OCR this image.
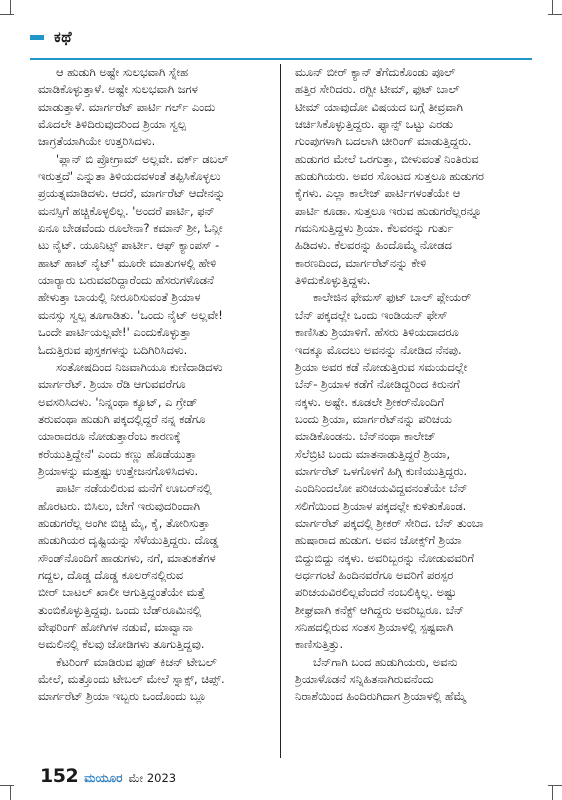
ಕಥೆ

ಆ ಹುಡುಗಿ ಅಷ್ಟೇ ಸುಲಭವಾಗಿ ಸ್ನೇಹ
ಮಾಡಿಕೊಳ್ಳುತ್ತಾಳೆ. ಅಷ್ಟೇ ಸುಲಭವಾಗಿ ಜಗಳ
ಮಾಡುತ್ತಾಳೆ. ಮಾರ್ಗರೆಟ್ ಪಾರ್ಟಿ ಗರ್ಲ್ ಎಂದು
ಮೊದಲೇ ತಿಳಿದಿರುವುದರಿಂದ ಶ್ರಿಯಾ ಸ್ವಲ್ಪ
ಜಾಗ್ರತೆಯಾಗಿಯೇ ಉತ್ತರಿಸಿದಳು.

'ಪ್ಲಾನ್ ಬಿ ಪ್ರೋಗ್ರಾಮ್ ಅಲ್ಲವೇ. ವರ್ಕ್ ಡಬಲ್
ಇರುತ್ತದೆ' ಎನ್ನುತಾ ತಿಳಿಯದವಳಂತೆ ತಪ್ಪಿಸಿಕೊಳ್ಳಲು
ಪ್ರಯತ್ನಮಾಡಿದಳು. ಆದರೆ, ಮಾರ್ಗರೆಟ್ ಆದೇನನ್ನು
ಮನಸ್ಸಿಗೆ ಹಚ್ಚಿಕೊಳ್ಳಲಿಲ್ಲ. 'ಅಂದರೆ ಪಾರ್ಟಿ, ಫನ್
ಏನೂ ಬೇಡವೆಂದು ರೂಲೇನಾ? ಕಮಾನ್ ಶ್ರೀ, ಓನ್ಲೀ
ಟು ನೈಟ್. ಯೂನಿಟ್ಸ್ ಪಾರ್ಟೀ. ಆಫ್ ಕ್ಯಾಂಪಸ್ -
ಹಾಟ್ ಹಾಟ್ ನೈಟ್' ಮೂರೇ ಮಾತುಗಳಲ್ಲಿ ಹೇಳಿ
ಯಾರ್‍ಯಾರು ಬರುವವರಿದ್ದಾರೆಂದು ಹೆಸರುಗಳೊಡನೆ
ಹೇಳುತ್ತಾ ಬಾಯಲ್ಲಿ ನೀರೂರಿಸುವಂತೆ ಶ್ರಿಯಾಳ
ಮನಸ್ಸು ಸ್ವಲ್ಪ ತೂಗಾಡಿತು. 'ಒಂದು ನೈಟ್ ಅಲ್ಲವೇ!
ಒಂದೇ ಪಾರ್ಟಿಯಲ್ಲವೇ!' ಎಂದುಕೊಳ್ಳುತ್ತಾ
ಓದುತ್ತಿರುವ ಪುಸ್ತಕಗಳನ್ನು ಬದಿಗಿರಿಸಿದಳು.

ಸಂತೋಷದಿಂದ ನಿಜವಾಗಿಯೂ ಕುಣಿದಾಡಿದಳು
ಮಾರ್ಗರೆಟ್. ಶ್ರಿಯಾ ರೆಡಿ ಆಗುವವರೆಗೂ
ಅವಸರಿಸಿದಳು. 'ನಿನ್ನಂಥಾ ಕ್ಯೂಟ್, ಎ ಗ್ರೇಡ್
ತರುವಂಥಾ ಹುಡುಗಿ ಪಕ್ಕದಲ್ಲಿದ್ದರೆ ನನ್ನ ಕಡೆಗೂ
ಯಾರಾದರೂ ನೋಡುತ್ತಾರೆಂಬ ಕಾರಣಕ್ಕೆ
ಕರೆಯುತ್ತಿದ್ದೇನೆ' ಎಂದು ಕಣ್ಣು ಹೊಡೆಯುತ್ತಾ
ಶ್ರಿಯಾಳನ್ನು ಮತ್ತಷ್ಟು ಉತ್ತೇಜನಗೊಳಿಸಿದಳು.

ಪಾರ್ಟಿ ನಡೆಯಲಿರುವ ಮನೆಗೆ ಊಬರ್‌ನಲ್ಲಿ
ಹೊರಟರು. ಬಿಸಿಲು, ಬೇಗೆ ಇರುವುದರಿಂದಾಗಿ
ಹುಡುಗರೆಲ್ಲ ಅಂಗೀ ಬಿಚ್ಚಿ ಮೈ, ಕೈ, ತೋರಿಸುತ್ತಾ
ಹುಡುಗಿಯರ ದೃಷ್ಟಿಯನ್ನು ಸೆಳೆಯುತ್ತಿದ್ದರು. ದೊಡ್ಡ
ಸೌಂಡ್‌ನೊಂದಿಗೆ ಹಾಡುಗಳು, ನಗೆ, ಮಾತುಕತೆಗಳ
ಗದ್ದಲ, ದೊಡ್ಡ ದೊಡ್ಡ ಕೂಲರ್‌ನಲ್ಲಿರುವ
ಬೀರ್ ಬಾಟಲ್ ಖಾಲೀ ಆಗುತ್ತಿದ್ದಂತೆಯೇ ಮತ್ತೆ
ತುಂಬಿಕೊಳ್ಳುತ್ತಿದ್ದವು. ಒಂದು ಬೆಡ್‌ರೂಮಿನಲ್ಲಿ
ವೇಫರಿಂಗ್ ಹೋಗಿಗಳ ನಡುವೆ, ಮಾವ್ವಾನಾ
ಅಮಲಿನಲ್ಲಿ ಕೆಲವು ಜೋಡಿಗಳು ತೂಗುತ್ತಿದ್ದವು.

ಕೆಟರಿಂಗ್ ಮಾಡಿರುವ ಫುಡ್ ಕಿಚನ್ ಟೇಬಲ್
ಮೇಲೆ, ಮತ್ತೊಂದು ಟೇಬಲ್ ಮೇಲೆ ಸ್ನಾಕ್ಸ್, ಚಿಪ್ಸ್.
ಮಾರ್ಗರೆಟ್ ಶ್ರಿಯಾ ಇಬ್ಬರು ಒಂದೊಂದು ಬ್ಲೂ

ಮೂನ್ ಬೀರ್ ಕ್ಯಾನ್ ತೆಗೆದುಕೊಂಡು ಪೂಲ್
ಹತ್ತಿರ ಸೇರಿದರು. ರಗ್ಬೀ ಟೀಮ್, ಫುಟ್ ಬಾಲ್
ಟೀಮ್ ಯಾವುದೋ ವಿಷಯದ ಬಗ್ಗೆ ತೀವ್ರವಾಗಿ
ಚರ್ಚಿಸಿಕೊಳ್ಳುತ್ತಿದ್ದರು. ಫ್ಯಾನ್ಸ್ ಒಟ್ಟು ಎರಡು
ಗುಂಪುಗಳಾಗಿ ಬದಲಾಗಿ ಚೀರಿಂಗ್ ಮಾಡುತ್ತಿದ್ದರು.
ಹುಡುಗರ ಮೇಲೆ ಒರಗುತ್ತಾ, ಬೀಳುವಂತೆ ನಿಂತಿರುವ
ಹುಡುಗಿಯರು. ಅವರ ಸೊಂಟದ ಸುತ್ತಲೂ ಹುಡುಗರ
ಕೈಗಳು. ಎಲ್ಲಾ ಕಾಲೇಜ್ ಪಾರ್ಟಿಗಳಂತೆಯೇ ಆ
ಪಾರ್ಟಿ ಕೂಡಾ. ಸುತ್ತಲೂ ಇರುವ ಹುಡುಗರೆಲ್ಲರನ್ನೂ
ಗಮನಿಸುತ್ತಿದ್ದಳು ಶ್ರಿಯಾ. ಕೆಲವರನ್ನು ಗುರ್ತು
ಹಿಡಿದಳು. ಕೆಲವರನ್ನು ಹಿಂದೊಮ್ಮೆ ನೋಡದ
ಕಾರಣದಿಂದ, ಮಾರ್ಗರೆಟ್‌ನನ್ನು ಕೇಳಿ
ತಿಳಿದುಕೊಳ್ಳುತ್ತಿದ್ದಳು.

ಕಾಲೇಜಿನ ಫೇಮಸ್ ಫುಟ್ ಬಾಲ್ ಪ್ಲೇಯರ್
ಬೆನ್ ಪಕ್ಕದಲ್ಲೇ ಒಂದು ಇಂಡಿಯನ್ ಫೇಸ್
ಕಾಣಿಸಿತು ಶ್ರಿಯಾಳಿಗೆ. ಹೆಸರು ತಿಳಿಯದಾದರೂ
ಇದಕ್ಕೂ ಮೊದಲು ಅವನನ್ನು ನೋಡಿದ ನೆನಪು.
ಶ್ರಿಯಾ ಅವರ ಕಡೆ ನೋಡುತ್ತಿರುವ ಸಮಯದಲ್ಲೇ
ಬೆನ್- ಶ್ರಿಯಾಳ ಕಡೆಗೆ ನೋಡಿದ್ದರಿಂದ ಕಿರುನಗೆ
ನಕ್ಕಳು. ಅಷ್ಟೇ. ಕೂಡಲೇ ಶ್ರೀಕರ್‌ನೊಂದಿಗೆ
ಬಂದು ಶ್ರಿಯಾ, ಮಾರ್ಗರೆಟ್‌ನನ್ನು ಪರಿಚಯ
ಮಾಡಿಕೊಂಡನು. ಬೆನ್‌ನಂಥಾ ಕಾಲೇಜ್
ಸೆಲೆಬ್ರಿಟಿ ಬಂದು ಮಾತನಾಡುತ್ತಿದ್ದರೆ ಶ್ರಿಯಾ,
ಮಾರ್ಗರೆಟ್ ಒಳಗೊಳಗೆ ಹಿಗ್ಗಿ ಕುಣಿಯುತ್ತಿದ್ದರು.
ಎಂದಿನಿಂದಲೋ ಪರಿಚಯವಿದ್ದವನಂತೆಯೇ ಬೆನ್
ಸಲಿಗೆಯಿಂದ ಶ್ರಿಯಾಳ ಪಕ್ಕದಲ್ಲೇ ಕುಳಿತುಕೊಂಡ.
ಮಾರ್ಗರೆಟ್ ಪಕ್ಕದಲ್ಲಿ ಶ್ರೀಕರ್ ಸೇರಿದ. ಬೆನ್ ತುಂಬಾ
ಹುಷಾರಾದ ಹುಡುಗ. ಅವನ ಜೋಕ್ಸ್‌ಗೆ ಶ್ರಿಯಾ
ಬಿದ್ದುಬಿದ್ದು ನಕ್ಕಳು. ಅವರಿಬ್ಬರನ್ನು ನೋಡುವವರಿಗೆ
ಅರ್ಧಗಂಟೆ ಹಿಂದಿನವರೆಗೂ ಅವರಿಗೆ ಪರಸ್ಪರ
ಪರಿಚಯವಿರಲಿಲ್ಲವೆಂದರೆ ನಂಬಲಿಕ್ಕಿಲ್ಲ. ಅಷ್ಟು
ಶೀಘ್ರವಾಗಿ ಕನೆಕ್ಟ್ ಆಗಿದ್ದರು ಅವರಿಬ್ಬರೂ. ಬೆನ್
ಸನಿಹದಲ್ಲಿರುವ ಸಂತಸ ಶ್ರಿಯಾಳಲ್ಲಿ ಸ್ಪಷ್ಟವಾಗಿ
ಕಾಣಿಸುತ್ತಿತ್ತು.

ಬೆನ್‌ಗಾಗಿ ಬಂದ ಹುಡುಗಿಯರು, ಅವನು
ಶ್ರಿಯಾಳೊಡನೆ ಸನ್ನಿಹಿತನಾಗಿರುವನೆಂದು
ನಿರಾಶೆಯಿಂದ ಹಿಂದಿರುಗಿದಾಗ ಶ್ರಿಯಾಳಲ್ಲಿ ಹೆಮ್ಮೆ

152 ಮಯೂರ ಮೇ 2023
